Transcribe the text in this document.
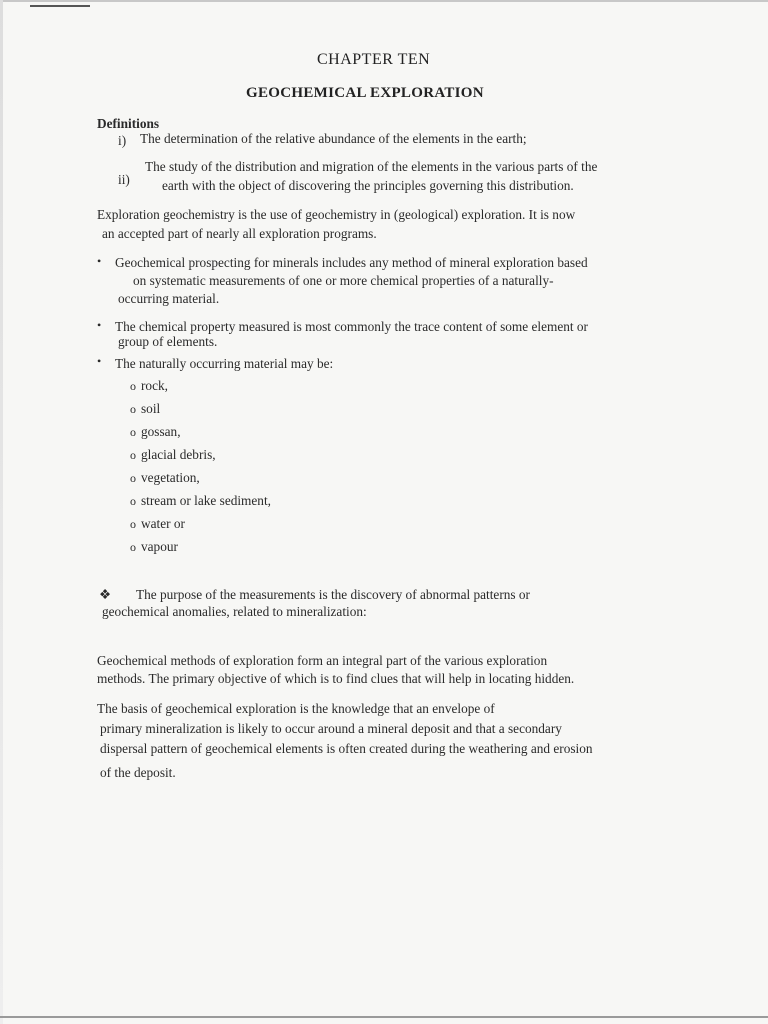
CHAPTER TEN
GEOCHEMICAL EXPLORATION
Definitions
i) The determination of the relative abundance of the elements in the earth;
ii)
The study of the distribution and migration of the elements in the various parts of the
earth with the object of discovering the principles governing this distribution.
Exploration geochemistry is the use of geochemistry in (geological) exploration. It is now
an accepted part of nearly all exploration programs.
• Geochemical prospecting for minerals includes any method of mineral exploration based
on systematic measurements of one or more chemical properties of a naturally-
occurring material.
• The chemical property measured is most commonly the trace content of some element or
group of elements.
• The naturally occurring material may be:
o rock,
o soil
o gossan,
o glacial debris,
o vegetation,
o stream or lake sediment,
o water or
o vapour
❖ The purpose of the measurements is the discovery of abnormal patterns or
geochemical anomalies, related to mineralization:
Geochemical methods of exploration form an integral part of the various exploration
methods. The primary objective of which is to find clues that will help in locating hidden.
The basis of geochemical exploration is the knowledge that an envelope of
primary mineralization is likely to occur around a mineral deposit and that a secondary
dispersal pattern of geochemical elements is often created during the weathering and erosion
of the deposit.
